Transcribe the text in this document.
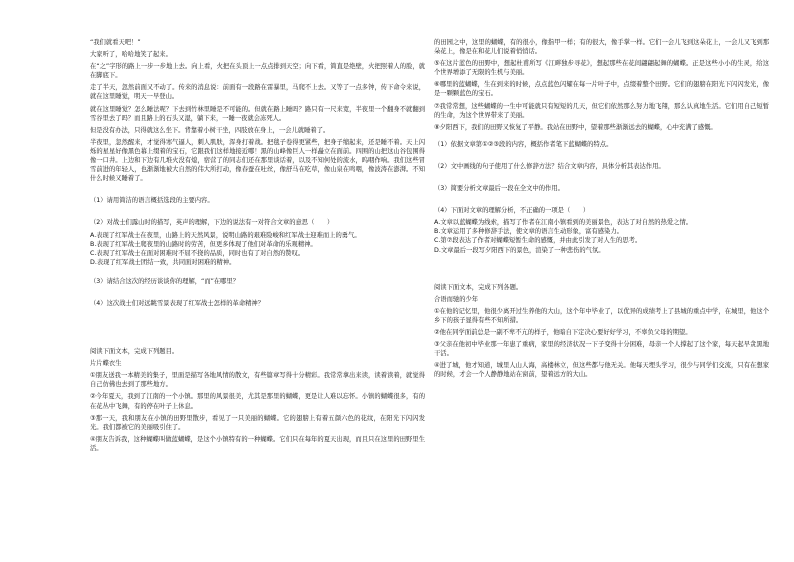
“我们就看天吧！”

大家听了，哈哈地笑了起来。

在“之”字形的路上一步一步地上去。向上看，火把在头顶上一点点排到天空；向下看，简直是绝壁，火把照着人的脸，就在脚底下。

走了半天，忽然前面又不动了。传来的消息说：前面有一段路在雷暴里，马爬不上去。又等了一点多钟，传下命令来说，就在这里睡觉，明天一早登山。

就在这里睡觉？怎么睡法呢？下去到竹林里睡是不可能的。但就在路上睡吗？路只有一尺来宽，半夜里一个翻身不就翻到雪谷里去了吗？而且路上的石头又湿，躺下来，一睡一夜就会冻死人。

但是没有办法，只得就这么坐下。背靠着小树干坐，四肢放在身上，一会儿就睡着了。

半夜里，忽然醒来，才觉得寒气逼人，刺人肌肤，浑身打着战。把毯子卷得更紧些，把身子缩起来，还是睡不着。天上闪烁的星星好像黑色幕上缀着的宝石，它跟我们这样地接近哪！黑的山峰像巨人一样矗立在面前。四围的山把这山谷包围得像一口井。上边和下边有几堆火没有熄，宿营了的同志们还在那里谈话着，以及不知何处的流水，呜咽作响。我们这些冒雪前进的年轻人，也渐渐地被大自然的伟大所打动，像春蚕在吐丝，像舒马在吃草，像山泉在鸣咽，像波涛在澎湃。不知什么时候又睡着了。

（1）请用简洁的语言概括选段的主要内容。

（2）对战士们露山时的描写，英声的理解，下边的说法有一对符合文章的意思（　　）

A.表现了红军战士在夜里，山路上的天然风景，说明山路的艰难险峻和红军战士迎难而上的勇气。

B.表现了红军战士爬夜里的山路时的劳苦，但更多体现了他们对革命的乐观精神。

C.表现了红军战士在面对困难时不屈不挠的品质，同时也有了对自然的赞叹。

D.表现了红军战士团结一致，共同面对困难的精神。

（3）请结合这次的经历谈谈你的理解，“而”在哪里？

（4）这次战士们对远眺雪景表现了红军战士怎样的革命精神？

阅读下面文本，完成下列题目。

片片蝶衣生

①朋友送我一本精美的集子，里面是描写各地风情的散文，有些篇章写得十分精彩。我常常拿出来读，读着读着，就觉得自己仿佛也去到了那些地方。

②今年夏天，我到了江南的一个小镇。那里的风景很美，尤其是那里的蝴蝶，更是让人难以忘怀。小镇的蝴蝶很多，有的在花丛中飞舞，有的停在叶子上休息。

③那一天，我和朋友在小镇的田野里散步，看见了一只美丽的蝴蝶。它的翅膀上有着五颜六色的花纹，在阳光下闪闪发光。我们都被它的美丽吸引住了。

④朋友告诉我，这种蝴蝶叫做蓝蝴蝶，是这个小镇特有的一种蝴蝶。它们只在每年的夏天出现，而且只在这里的田野里生活。

的田园之中，这里的蝴蝶，有的很小，像指甲一样；有的很大，像手掌一样。它们一会儿飞到这朵花上，一会儿又飞到那朵花上，像是在和花儿们说着悄悄话。

⑤在这片蓝色的田野中，想起杜甫所写《江畔独步寻花》，想起那些在花间翩翩起舞的蝴蝶。正是这些小小的生灵，给这个世界增添了无限的生机与美丽。

⑥哪里的蓝蝴蝶，生在到来的时候，点点蓝色闪耀在每一片叶子中，点缀着整个田野。它们的翅膀在阳光下闪闪发光，像是一颗颗蓝色的宝石。

⑦我常常想，这些蝴蝶的一生中可能就只有短短的几天，但它们依然那么努力地飞翔，那么认真地生活。它们用自己短暂的生命，为这个世界带来了美丽。

⑧夕阳西下，我们的田野又恢复了平静。我站在田野中，望着那些渐渐远去的蝴蝶，心中充满了感慨。

（1）依据文章第①②③段的内容，概括作者笔下蓝蝴蝶的特点。

（2）文中画线的句子使用了什么修辞方法？结合文章内容，具体分析其表达作用。

（3）简要分析文章最后一段在全文中的作用。

（4）下面对文章的理解分析，不正确的一项是（　　）

A.文章以蓝蝴蝶为线索，描写了作者在江南小镇看到的美丽景色，表达了对自然的热爱之情。

B.文章运用了多种修辞手法，使文章的语言生动形象，富有感染力。

C.第⑦段表达了作者对蝴蝶短暂生命的感慨，并由此引发了对人生的思考。

D.文章最后一段写夕阳西下的景色，渲染了一种悲伤的气氛。

阅读下面文本，完成下列各题。

合语而驰的少年

①在他的记忆里，他很少离开过生养他的大山，这个年中毕业了，以优异的成绩考上了县城的重点中学，在城里，他这个乡下的孩子显得有些不知所措。

②他在同学面前总是一副不卑不亢的样子，他暗自下定决心要好好学习，不辜负父母的期望。

③父亲在他初中毕业那一年患了重病，家里的经济状况一下子变得十分困难，母亲一个人撑起了这个家，每天起早贪黑地干活。

④进了城，他才知道，城里人山人海，高楼林立，但这些都与他无关。他每天埋头学习，很少与同学们交流，只有在想家的时候，才会一个人静静地站在窗前，望着远方的大山。
